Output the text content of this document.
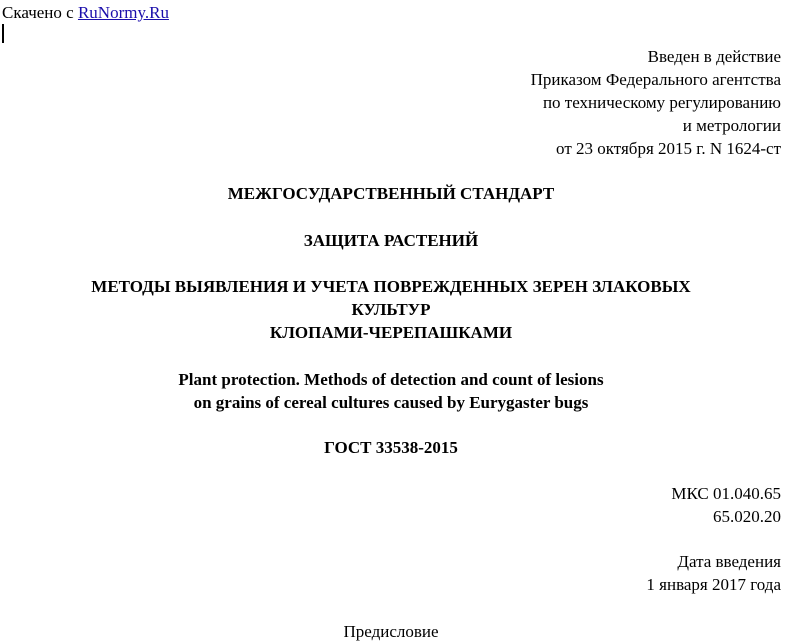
Скачено с RuNormy.Ru
Введен в действие
Приказом Федерального агентства
по техническому регулированию
и метрологии
от 23 октября 2015 г. N 1624-ст
МЕЖГОСУДАРСТВЕННЫЙ СТАНДАРТ
ЗАЩИТА РАСТЕНИЙ
МЕТОДЫ ВЫЯВЛЕНИЯ И УЧЕТА ПОВРЕЖДЕННЫХ ЗЕРЕН ЗЛАКОВЫХ
КУЛЬТУР
КЛОПАМИ-ЧЕРЕПАШКАМИ
Plant protection. Methods of detection and count of lesions
on grains of cereal cultures caused by Eurygaster bugs
ГОСТ 33538-2015
МКС 01.040.65
65.020.20
Дата введения
1 января 2017 года
Предисловие
